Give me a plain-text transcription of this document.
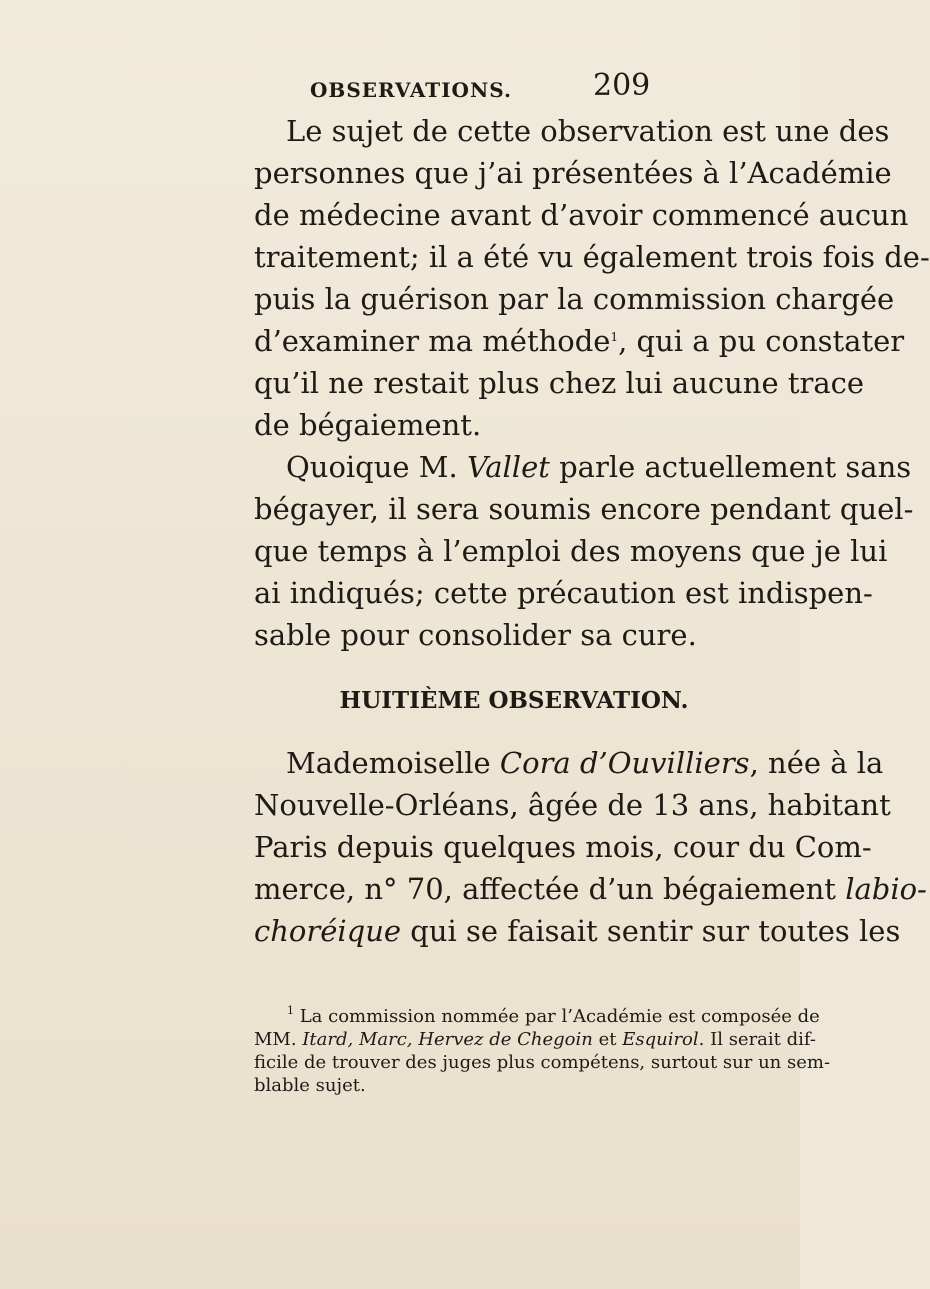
OBSERVATIONS.	209
Le sujet de cette observation est une des
personnes que j’ai présentées à l’Académie
de médecine avant d’avoir commencé aucun
traitement; il a été vu également trois fois de-
puis la guérison par la commission chargée
d’examiner ma méthode$^1$, qui a pu constater
qu’il ne restait plus chez lui aucune trace
de bégaiement.
Quoique M. Vallet parle actuellement sans
bégayer, il sera soumis encore pendant quel-
que temps à l’emploi des moyens que je lui
ai indiqués; cette précaution est indispen-
sable pour consolider sa cure.
HUITIÈME OBSERVATION.
Mademoiselle Cora d’Ouvilliers, née à la
Nouvelle-Orléans, âgée de 13 ans, habitant
Paris depuis quelques mois, cour du Com-
merce, n° 70, affectée d’un bégaiement labio-
choréique qui se faisait sentir sur toutes les
$^1$ La commission nommée par l’Académie est composée de
MM. Itard, Marc, Hervez de Chegoin et Esquirol. Il serait dif-
ficile de trouver des juges plus compétens, surtout sur un sem-
blable sujet.
